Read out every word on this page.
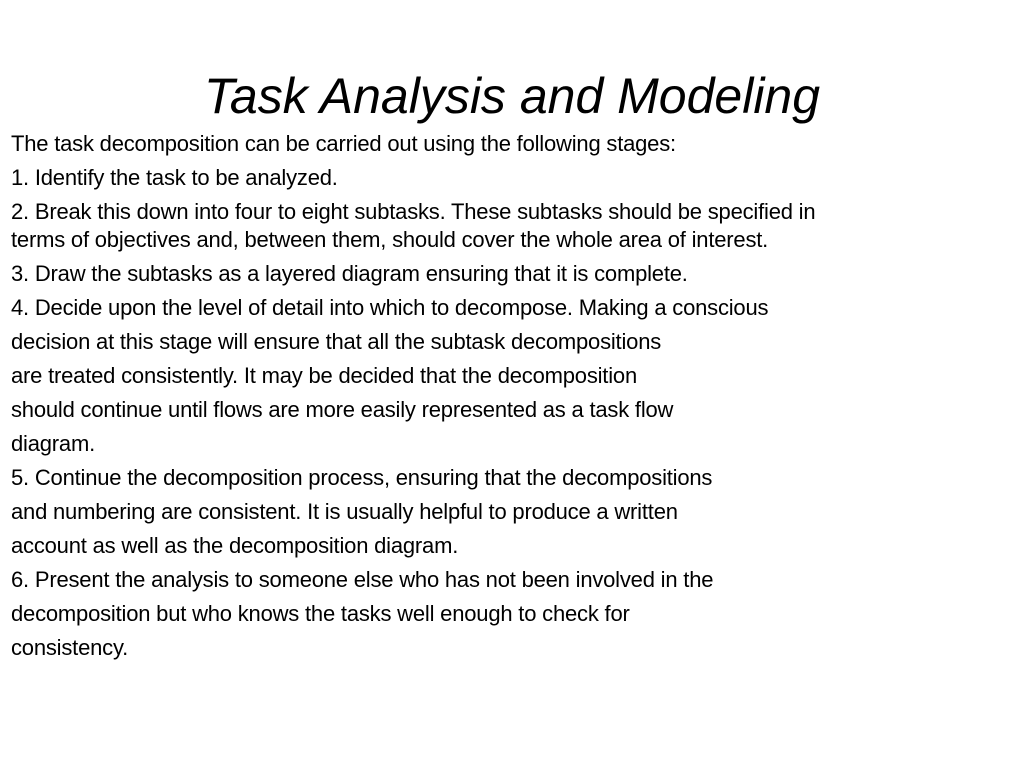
Task Analysis and Modeling
The task decomposition can be carried out using the following stages:
1. Identify the task to be analyzed.
2. Break this down into four to eight subtasks. These subtasks should be specified in
terms of objectives and, between them, should cover the whole area of interest.
3. Draw the subtasks as a layered diagram ensuring that it is complete.
4. Decide upon the level of detail into which to decompose. Making a conscious
decision at this stage will ensure that all the subtask decompositions
are treated consistently. It may be decided that the decomposition
should continue until flows are more easily represented as a task flow
diagram.
5. Continue the decomposition process, ensuring that the decompositions
and numbering are consistent. It is usually helpful to produce a written
account as well as the decomposition diagram.
6. Present the analysis to someone else who has not been involved in the
decomposition but who knows the tasks well enough to check for
consistency.
